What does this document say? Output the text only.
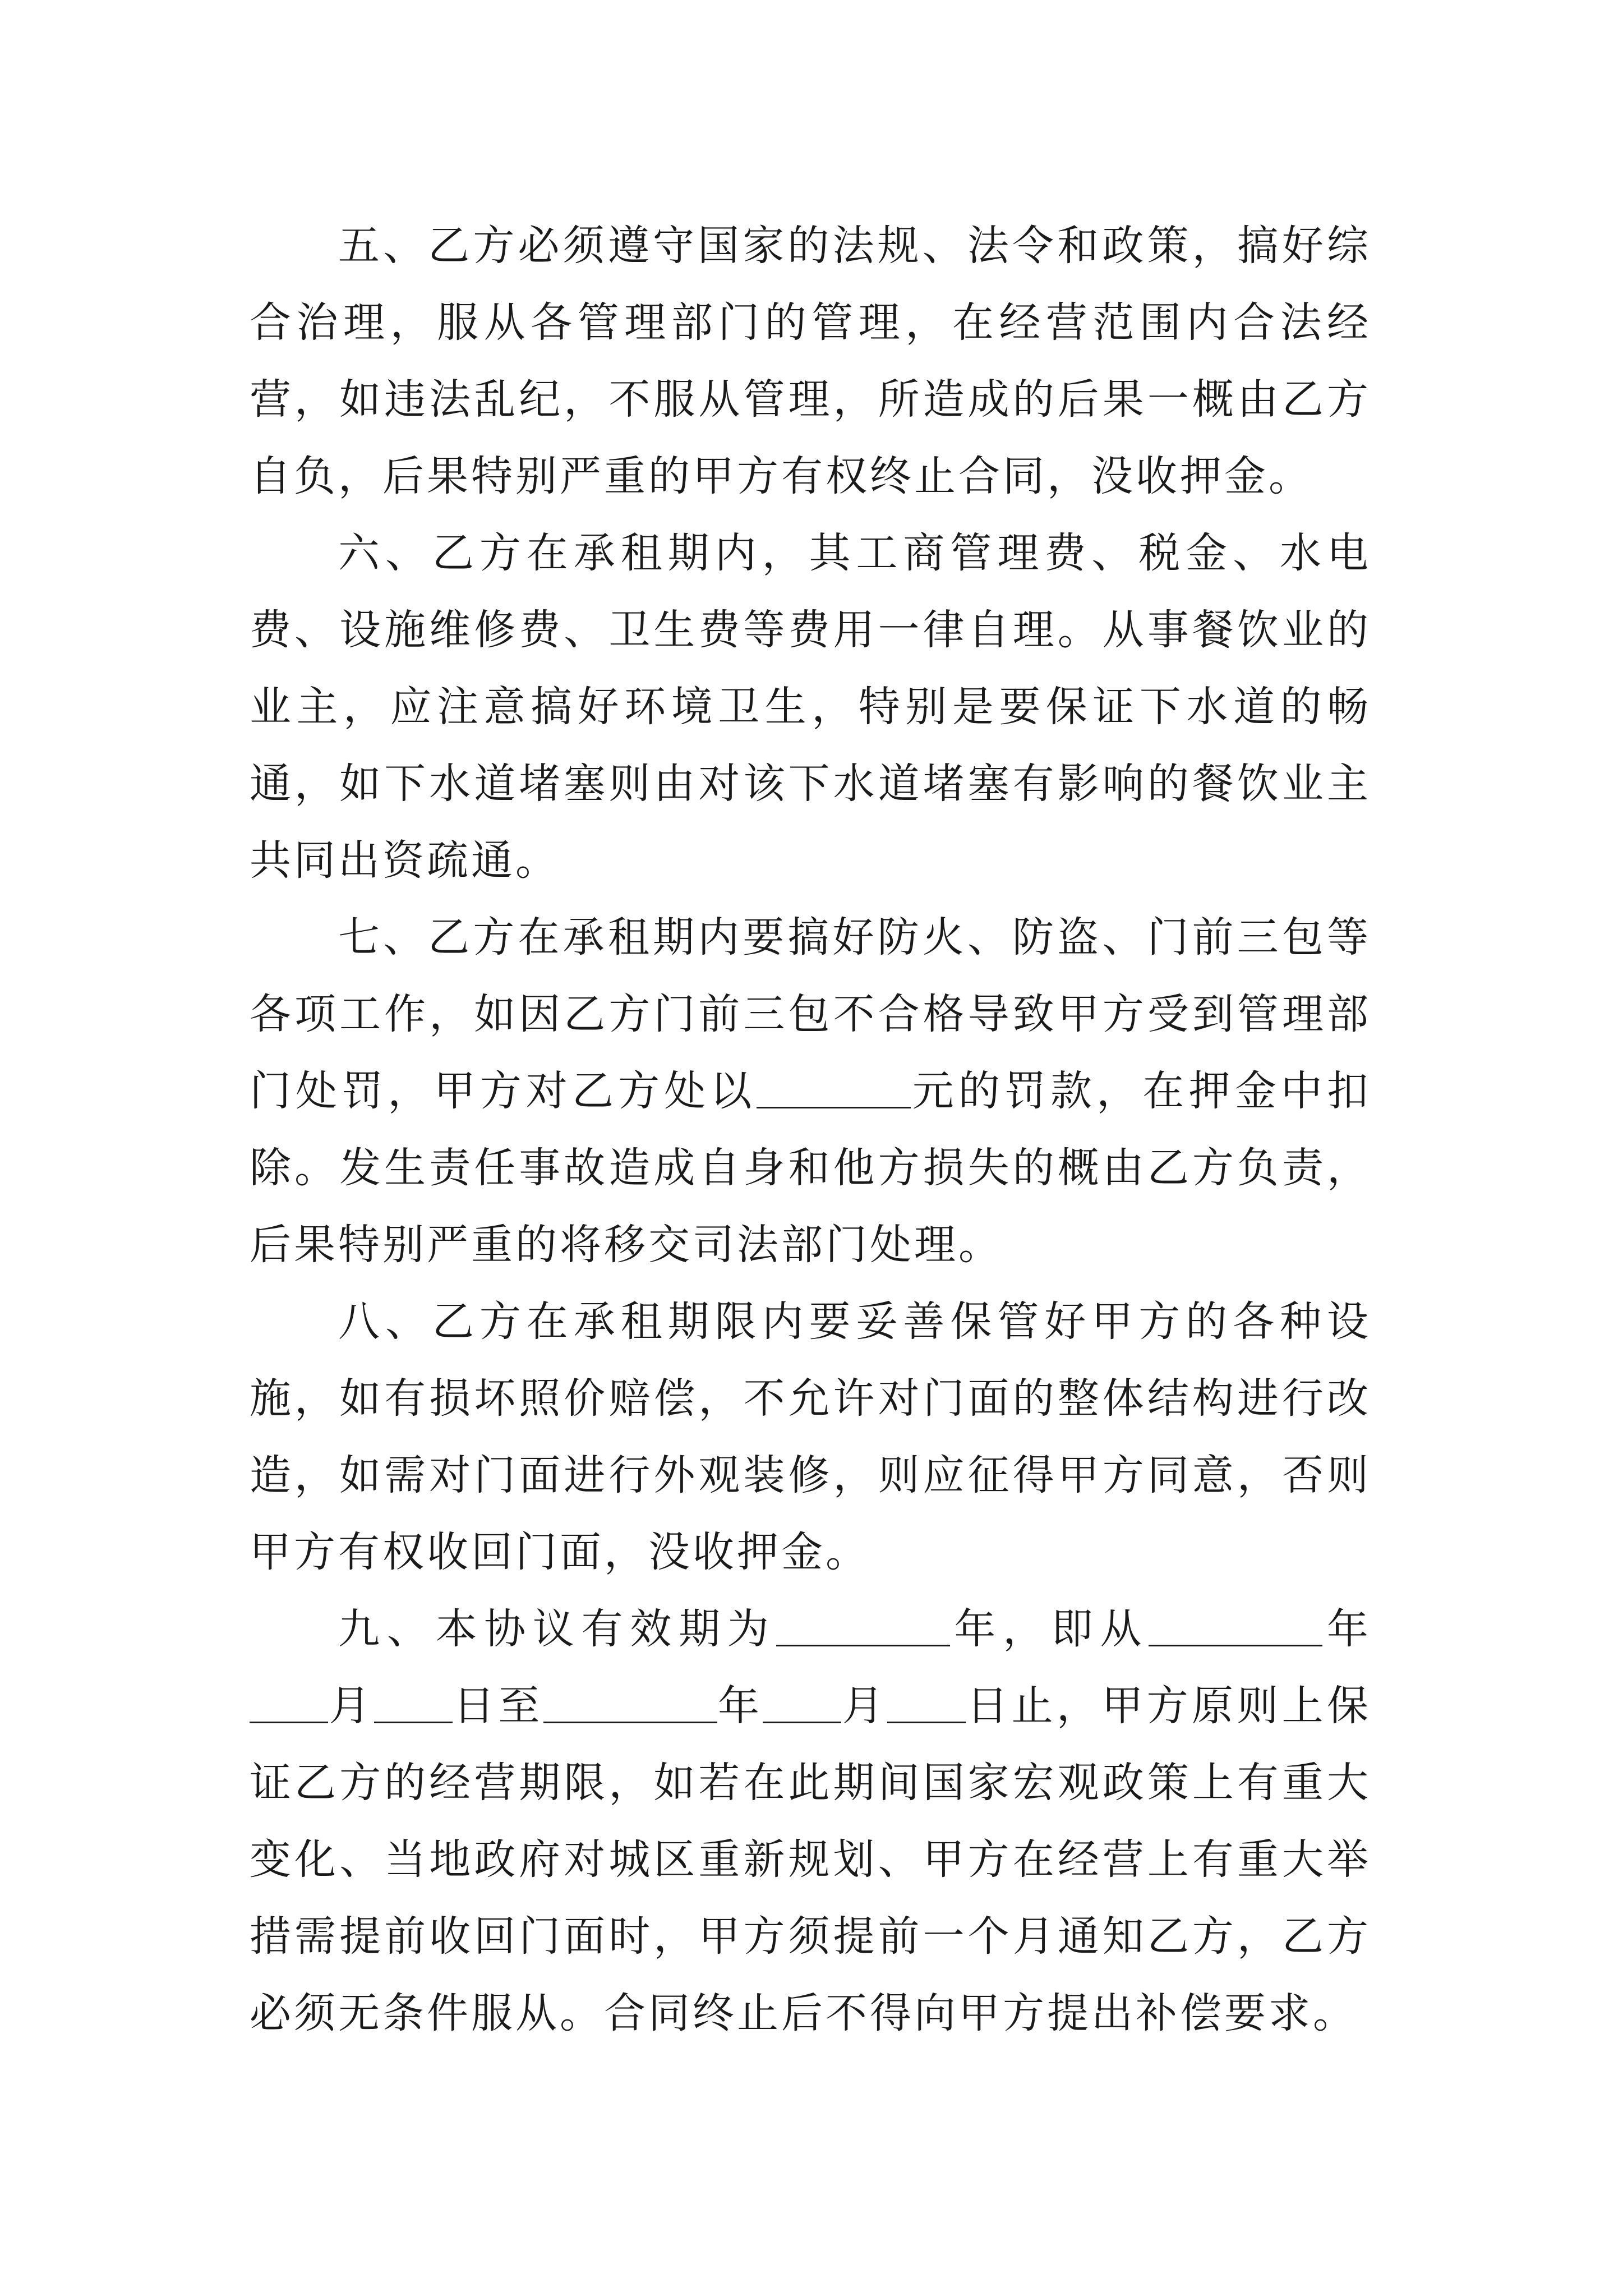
五、乙方必须遵守国家的法规、法令和政策，搞好综合治理，服从各管理部门的管理，在经营范围内合法经营，如违法乱纪，不服从管理，所造成的后果一概由乙方自负，后果特别严重的甲方有权终止合同，没收押金。

六、乙方在承租期内，其工商管理费、税金、水电费、设施维修费、卫生费等费用一律自理。从事餐饮业的业主，应注意搞好环境卫生，特别是要保证下水道的畅通，如下水道堵塞则由对该下水道堵塞有影响的餐饮业主共同出资疏通。

七、乙方在承租期内要搞好防火、防盗、门前三包等各项工作，如因乙方门前三包不合格导致甲方受到管理部门处罚，甲方对乙方处以	元的罚款，在押金中扣除。发生责任事故造成自身和他方损失的概由乙方负责，后果特别严重的将移交司法部门处理。

八、乙方在承租期限内要妥善保管好甲方的各种设施，如有损坏照价赔偿，不允许对门面的整体结构进行改造，如需对门面进行外观装修，则应征得甲方同意，否则甲方有权收回门面，没收押金。

九、本协议有效期为	年，即从	年月 日至	年 月 日止，甲方原则上保证乙方的经营期限，如若在此期间国家宏观政策上有重大变化、当地政府对城区重新规划、甲方在经营上有重大举措需提前收回门面时，甲方须提前一个月通知乙方，乙方必须无条件服从。合同终止后不得向甲方提出补偿要求。
